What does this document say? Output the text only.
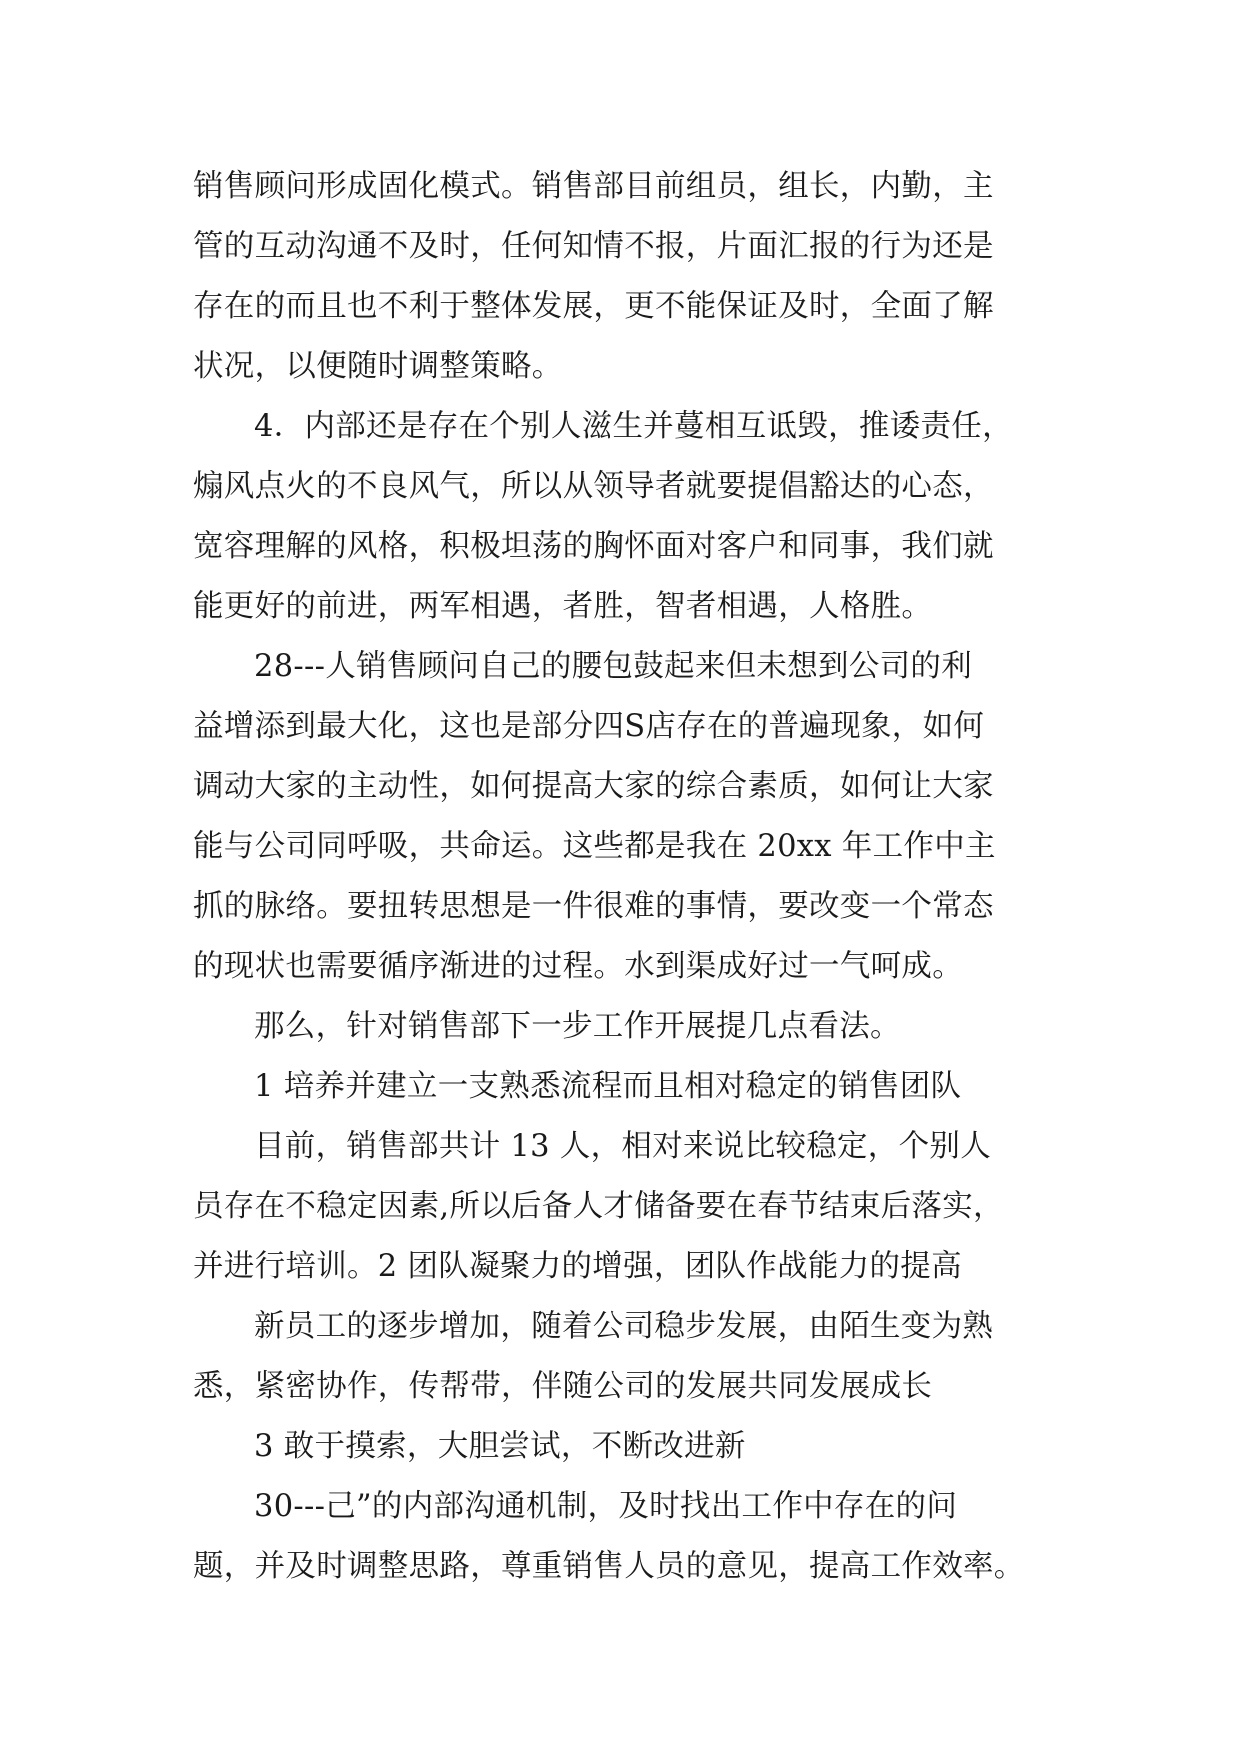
销售顾问形成固化模式。销售部目前组员，组长，内勤，主
管的互动沟通不及时，任何知情不报，片面汇报的行为还是
存在的而且也不利于整体发展，更不能保证及时，全面了解
状况，以便随时调整策略。
4．内部还是存在个别人滋生并蔓相互诋毁，推诿责任，
煽风点火的不良风气，所以从领导者就要提倡豁达的心态，
宽容理解的风格，积极坦荡的胸怀面对客户和同事，我们就
能更好的前进，两军相遇，者胜，智者相遇，人格胜。
28---人销售顾问自己的腰包鼓起来但未想到公司的利
益增添到最大化，这也是部分四S店存在的普遍现象，如何
调动大家的主动性，如何提高大家的综合素质，如何让大家
能与公司同呼吸，共命运。这些都是我在 20xx 年工作中主
抓的脉络。要扭转思想是一件很难的事情，要改变一个常态
的现状也需要循序渐进的过程。水到渠成好过一气呵成。
那么，针对销售部下一步工作开展提几点看法。
1 培养并建立一支熟悉流程而且相对稳定的销售团队
目前，销售部共计 13 人，相对来说比较稳定，个别人
员存在不稳定因素,所以后备人才储备要在春节结束后落实，
并进行培训。2 团队凝聚力的增强，团队作战能力的提高
新员工的逐步增加，随着公司稳步发展，由陌生变为熟
悉，紧密协作，传帮带，伴随公司的发展共同发展成长
3 敢于摸索，大胆尝试，不断改进新
30---己”的内部沟通机制，及时找出工作中存在的问
题，并及时调整思路，尊重销售人员的意见，提高工作效率。
